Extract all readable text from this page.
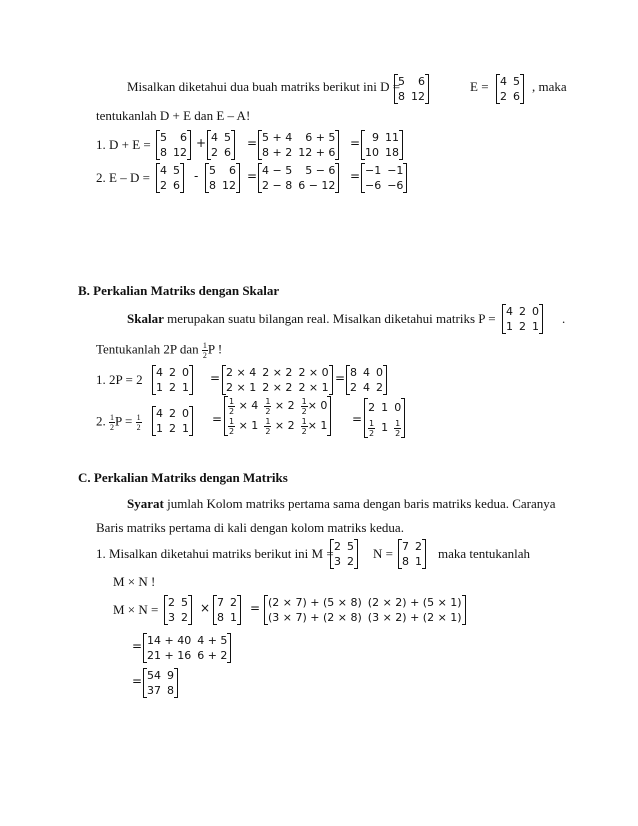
Misalkan diketahui dua buah matriks berikut ini D =
5	6
8	12
E = 4	5
2	6
, maka
tentukanlah D + E dan E – A!
1. D + E = 5	6
8	12
+ 4	5
2	6
= 5 + 4	6 + 5
8 + 2	12 + 6
= 9	11
10	18
2. E – D = 4	5
2	6
- 5	6
8	12
= 4 − 5	5 − 6
2 − 8	6 − 12
= −1	−1
−6	−6
B. Perkalian Matriks dengan Skalar
Skalar merupakan suatu bilangan real. Misalkan diketahui matriks P = 4	2	0
1	2	1
.
Tentukanlah 2P dan $\frac{1}{2}$ P !
1. 2P = 2 4	2	0
1	2	1
= 2 × 4	2 × 2	2 × 0
2 × 1	2 × 2	2 × 1
= 8	4	0
2	4	2
2. $\frac{1}{2}$ $P = \frac{1}{2} 4$	2	0
1	2	1
=
$\frac{1}{2} \times 4$	$\frac{1}{2} \times 2$	$\frac{1}{2} \times 0$

$\frac{1}{2} \times 1$	$\frac{1}{2} \times 2$	$\frac{1}{2} \times 1$ =
2	1	0

$\frac{1}{2}$	1	$\frac{1}{2}$
C. Perkalian Matriks dengan Matriks
Syarat jumlah Kolom matriks pertama sama dengan baris matriks kedua. Caranya
Baris matriks pertama di kali dengan kolom matriks kedua.
1. Misalkan diketahui matriks berikut ini M = 2	5
3	2
N = 7	2
8	1
maka tentukanlah
M × N !
M × N = 2	5
3	2
× 7	2
8	1
= (2 × 7) + (5 × 8)	(2 × 2) + (5 × 1)
(3 × 7) + (2 × 8)	(3 × 2) + (2 × 1)
= 14 + 40	4 + 5
21 + 16	6 + 2
= 54	9
37	8
